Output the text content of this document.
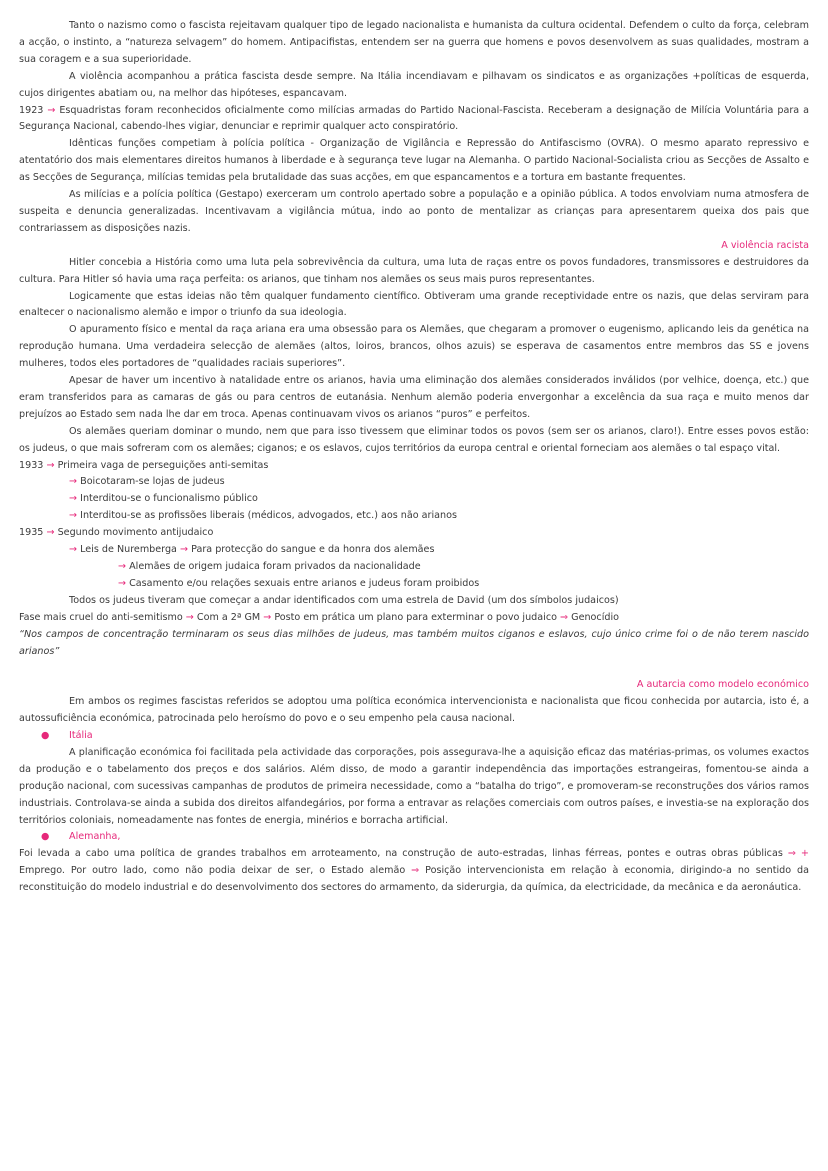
Tanto o nazismo como o fascista rejeitavam qualquer tipo de legado nacionalista e humanista da cultura ocidental. Defendem o culto da força, celebram a acção, o instinto, a “natureza selvagem” do homem. Antipacifistas, entendem ser na guerra que homens e povos desenvolvem as suas qualidades, mostram a sua coragem e a sua superioridade.

A violência acompanhou a prática fascista desde sempre. Na Itália incendiavam e pilhavam os sindicatos e as organizações +políticas de esquerda, cujos dirigentes abatiam ou, na melhor das hipóteses, espancavam.

1923 → Esquadristas foram reconhecidos oficialmente como milícias armadas do Partido Nacional-Fascista. Receberam a designação de Milícia Voluntária para a Segurança Nacional, cabendo-lhes vigiar, denunciar e reprimir qualquer acto conspiratório.

Idênticas funções competiam à polícia política - Organização de Vigilância e Repressão do Antifascismo (OVRA). O mesmo aparato repressivo e atentatório dos mais elementares direitos humanos à liberdade e à segurança teve lugar na Alemanha. O partido Nacional-Socialista criou as Secções de Assalto e as Secções de Segurança, milícias temidas pela brutalidade das suas acções, em que espancamentos e a tortura em bastante frequentes.

As milícias e a polícia política (Gestapo) exerceram um controlo apertado sobre a população e a opinião pública. A todos envolviam numa atmosfera de suspeita e denuncia generalizadas. Incentivavam a vigilância mútua, indo ao ponto de mentalizar as crianças para apresentarem queixa dos pais que contrariassem as disposições nazis.

A violência racista

Hitler concebia a História como uma luta pela sobrevivência da cultura, uma luta de raças entre os povos fundadores, transmissores e destruidores da cultura. Para Hitler só havia uma raça perfeita: os arianos, que tinham nos alemães os seus mais puros representantes.

Logicamente que estas ideias não têm qualquer fundamento científico. Obtiveram uma grande receptividade entre os nazis, que delas serviram para enaltecer o nacionalismo alemão e impor o triunfo da sua ideologia.

O apuramento físico e mental da raça ariana era uma obsessão para os Alemães, que chegaram a promover o eugenismo, aplicando leis da genética na reprodução humana. Uma verdadeira selecção de alemães (altos, loiros, brancos, olhos azuis) se esperava de casamentos entre membros das SS e jovens mulheres, todos eles portadores de “qualidades raciais superiores”.

Apesar de haver um incentivo à natalidade entre os arianos, havia uma eliminação dos alemães considerados inválidos (por velhice, doença, etc.) que eram transferidos para as camaras de gás ou para centros de eutanásia. Nenhum alemão poderia envergonhar a excelência da sua raça e muito menos dar prejuízos ao Estado sem nada lhe dar em troca. Apenas continuavam vivos os arianos “puros” e perfeitos.

Os alemães queriam dominar o mundo, nem que para isso tivessem que eliminar todos os povos (sem ser os arianos, claro!). Entre esses povos estão: os judeus, o que mais sofreram com os alemães; ciganos; e os eslavos, cujos territórios da europa central e oriental forneciam aos alemães o tal espaço vital.

1933 → Primeira vaga de perseguições anti-semitas

→ Boicotaram-se lojas de judeus

→ Interditou-se o funcionalismo público

→ Interditou-se as profissões liberais (médicos, advogados, etc.) aos não arianos

1935 → Segundo movimento antijudaico

→ Leis de Nuremberga → Para protecção do sangue e da honra dos alemães

→ Alemães de origem judaica foram privados da nacionalidade

→ Casamento e/ou relações sexuais entre arianos e judeus foram proibidos

Todos os judeus tiveram que começar a andar identificados com uma estrela de David (um dos símbolos judaicos)

Fase mais cruel do anti-semitismo → Com a 2ª GM → Posto em prática um plano para exterminar o povo judaico ⇒ Genocídio

“Nos campos de concentração terminaram os seus dias milhões de judeus, mas também muitos ciganos e eslavos, cujo único crime foi o de não terem nascido arianos”

A autarcia como modelo económico

Em ambos os regimes fascistas referidos se adoptou uma política económica intervencionista e nacionalista que ficou conhecida por autarcia, isto é, a autossuficiência económica, patrocinada pelo heroísmo do povo e o seu empenho pela causa nacional.

● Itália

A planificação económica foi facilitada pela actividade das corporações, pois assegurava-lhe a aquisição eficaz das matérias-primas, os volumes exactos da produção e o tabelamento dos preços e dos salários. Além disso, de modo a garantir independência das importações estrangeiras, fomentou-se ainda a produção nacional, com sucessivas campanhas de produtos de primeira necessidade, como a “batalha do trigo”, e promoveram-se reconstruções dos vários ramos industriais. Controlava-se ainda a subida dos direitos alfandegários, por forma a entravar as relações comerciais com outros países, e investia-se na exploração dos territórios coloniais, nomeadamente nas fontes de energia, minérios e borracha artificial.

● Alemanha,

Foi levada a cabo uma política de grandes trabalhos em arroteamento, na construção de auto-estradas, linhas férreas, pontes e outras obras públicas ⇒ + Emprego. Por outro lado, como não podia deixar de ser, o Estado alemão ⇒ Posição intervencionista em relação à economia, dirigindo-a no sentido da reconstituição do modelo industrial e do desenvolvimento dos sectores do armamento, da siderurgia, da química, da electricidade, da mecânica e da aeronáutica.
